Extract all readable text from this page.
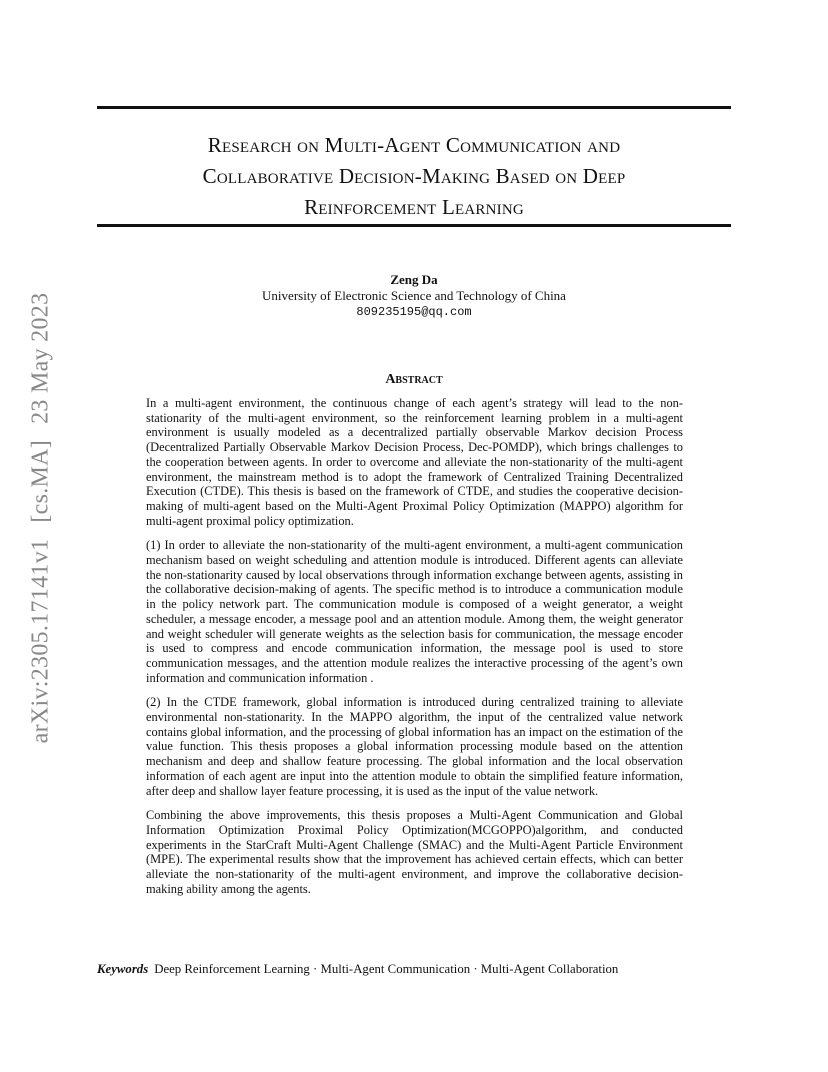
arXiv:2305.17141v1[cs.MA]23 May 2023
Research on Multi-Agent Communication and
Collaborative Decision-Making Based on Deep
Reinforcement Learning
Zeng Da
University of Electronic Science and Technology of China
809235195@qq.com
Abstract

In a multi-agent environment, the continuous change of each agent’s strategy will lead to the non-stationarity of the multi-agent environment, so the reinforcement learning problem in a multi-agent environment is usually modeled as a decentralized partially observable Markov decision Process (Decentralized Partially Observable Markov Decision Process, Dec-POMDP), which brings challenges to the cooperation between agents. In order to overcome and alleviate the non-stationarity of the multi-agent environment, the mainstream method is to adopt the framework of Centralized Training Decentralized Execution (CTDE). This thesis is based on the framework of CTDE, and studies the cooperative decision-making of multi-agent based on the Multi-Agent Proximal Policy Optimization (MAPPO) algorithm for multi-agent proximal policy optimization.

(1) In order to alleviate the non-stationarity of the multi-agent environment, a multi-agent communication mechanism based on weight scheduling and attention module is introduced. Different agents can alleviate the non-stationarity caused by local observations through information exchange between agents, assisting in the collaborative decision-making of agents. The specific method is to introduce a communication module in the policy network part. The communication module is composed of a weight generator, a weight scheduler, a message encoder, a message pool and an attention module. Among them, the weight generator and weight scheduler will generate weights as the selection basis for communication, the message encoder is used to compress and encode communication information, the message pool is used to store communication messages, and the attention module realizes the interactive processing of the agent’s own information and communication information .

(2) In the CTDE framework, global information is introduced during centralized training to alleviate environmental non-stationarity. In the MAPPO algorithm, the input of the centralized value network contains global information, and the processing of global information has an impact on the estimation of the value function. This thesis proposes a global information processing module based on the attention mechanism and deep and shallow feature processing. The global information and the local observation information of each agent are input into the attention module to obtain the simplified feature information, after deep and shallow layer feature processing, it is used as the input of the value network.

Combining the above improvements, this thesis proposes a Multi-Agent Communication and Global Information Optimization Proximal Policy Optimization(MCGOPPO)algorithm, and conducted experiments in the StarCraft Multi-Agent Challenge (SMAC) and the Multi-Agent Particle Environment (MPE). The experimental results show that the improvement has achieved certain effects, which can better alleviate the non-stationarity of the multi-agent environment, and improve the collaborative decision-making ability among the agents.

Keywords Deep Reinforcement Learning · Multi-Agent Communication · Multi-Agent Collaboration
